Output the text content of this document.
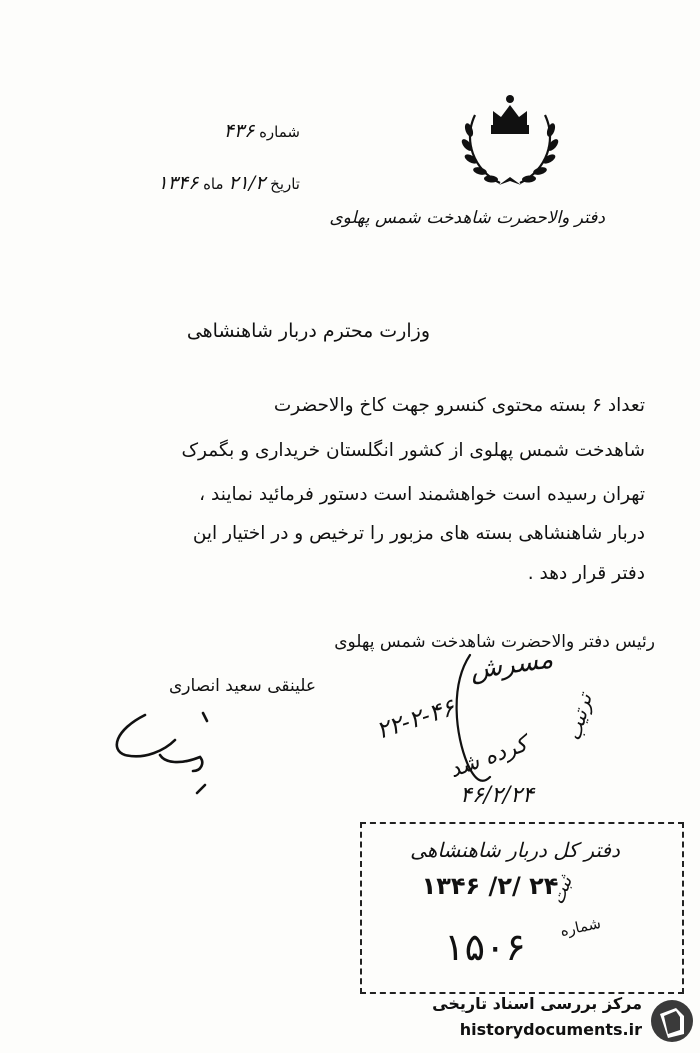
شماره ۴۳۶
تاریخ ۲۱/۲ ماه ۱۳۴۶
دفتر والاحضرت شاهدخت شمس پهلوی
وزارت محترم دربار شاهنشاهی
تعداد ۶ بسته محتوی کنسرو جهت کاخ والاحضرت
شاهدخت شمس پهلوی از کشور انگلستان خریداری و بگمرک
تهران رسیده است خواهشمند است دستور فرمائید نمایند ،
دربار شاهنشاهی بسته های مزبور را ترخیص و در اختیار این
دفتر قرار دهد .
رئیس دفتر والاحضرت شاهدخت شمس پهلوی
علینقی سعید انصاری
مسرش
۲۲-۲-۴۶
کرده شد
ترتیب
۴۶/۲/۲۴
دفتر کل دربار شاهنشاهی
۱۳۴۶ /۲/ ۲۴
ثبت
شماره
۱۵۰۶
مرکز بررسی اسناد تاریخی
historydocuments.ir
